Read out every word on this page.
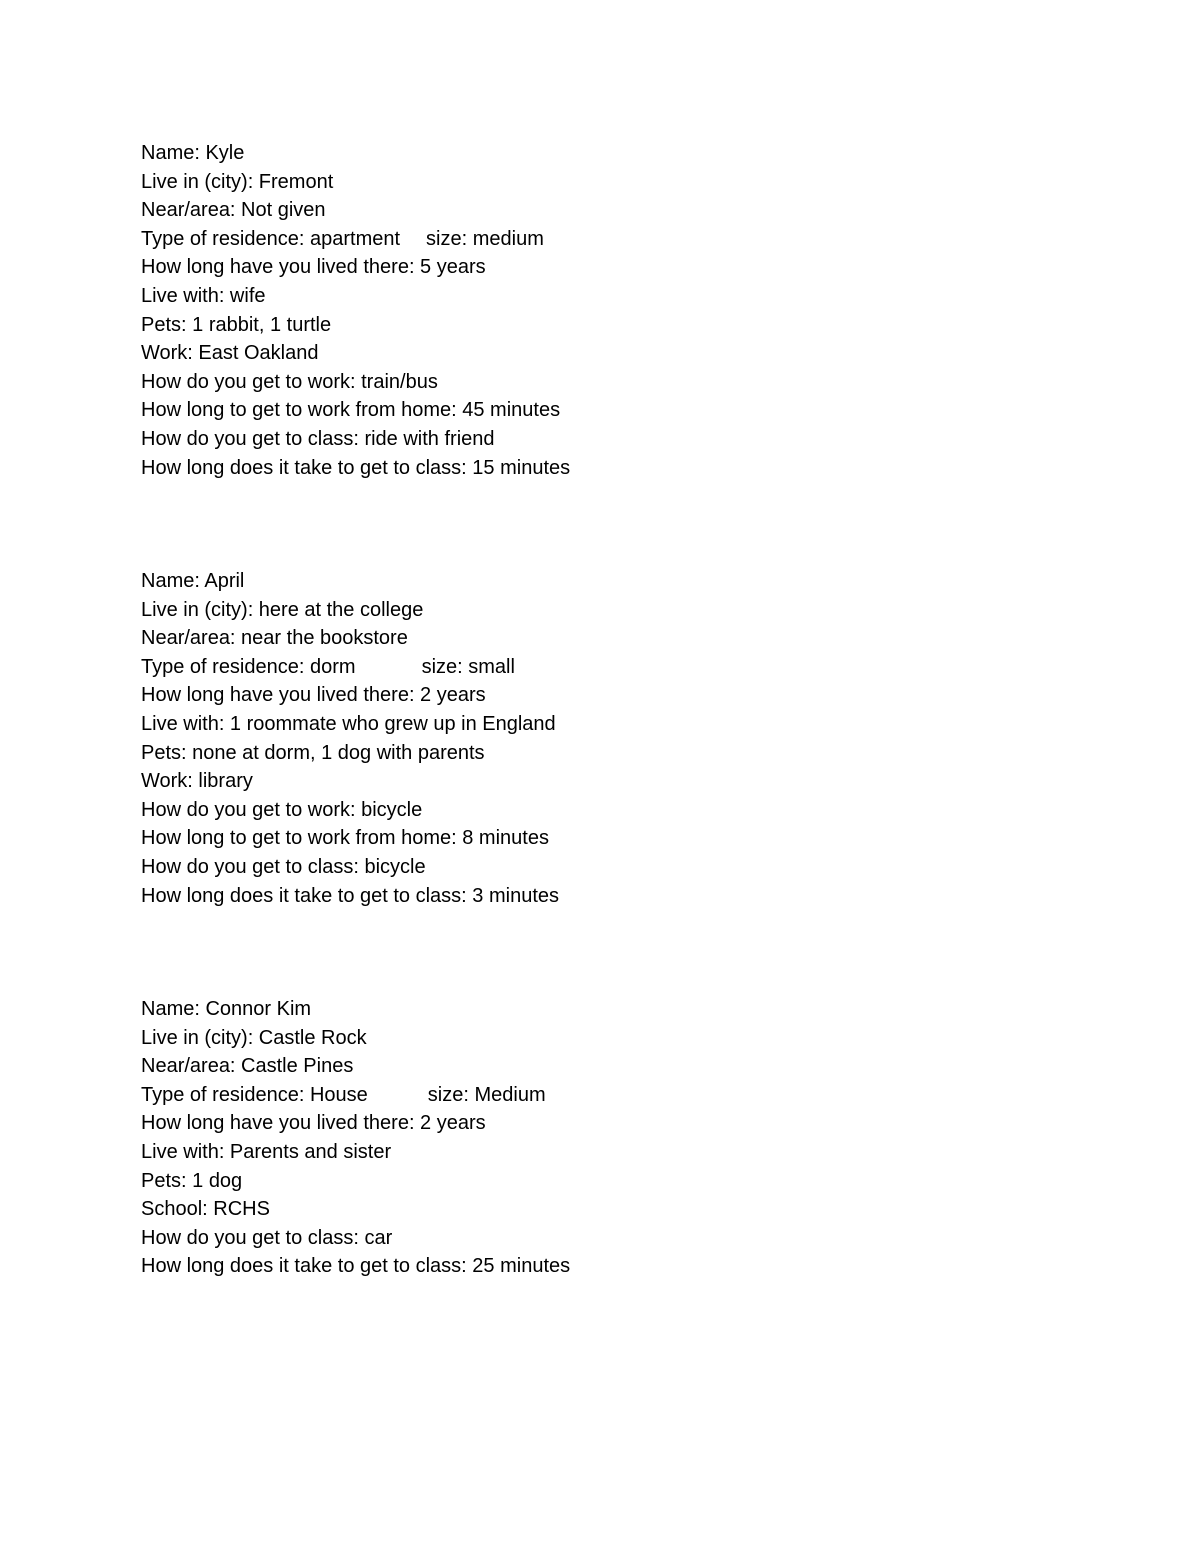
Name: Kyle
Live in (city): Fremont
Near/area: Not given
Type of residence: apartment size: medium
How long have you lived there: 5 years
Live with: wife
Pets: 1 rabbit, 1 turtle
Work: East Oakland
How do you get to work: train/bus
How long to get to work from home: 45 minutes
How do you get to class: ride with friend
How long does it take to get to class: 15 minutes
Name: April
Live in (city): here at the college
Near/area: near the bookstore
Type of residence: dorm	size: small
How long have you lived there: 2 years
Live with: 1 roommate who grew up in England
Pets: none at dorm, 1 dog with parents
Work: library
How do you get to work: bicycle
How long to get to work from home: 8 minutes
How do you get to class: bicycle
How long does it take to get to class: 3 minutes
Name: Connor Kim
Live in (city): Castle Rock
Near/area: Castle Pines
Type of residence: House	size: Medium
How long have you lived there: 2 years
Live with: Parents and sister
Pets: 1 dog
School: RCHS
How do you get to class: car
How long does it take to get to class: 25 minutes
